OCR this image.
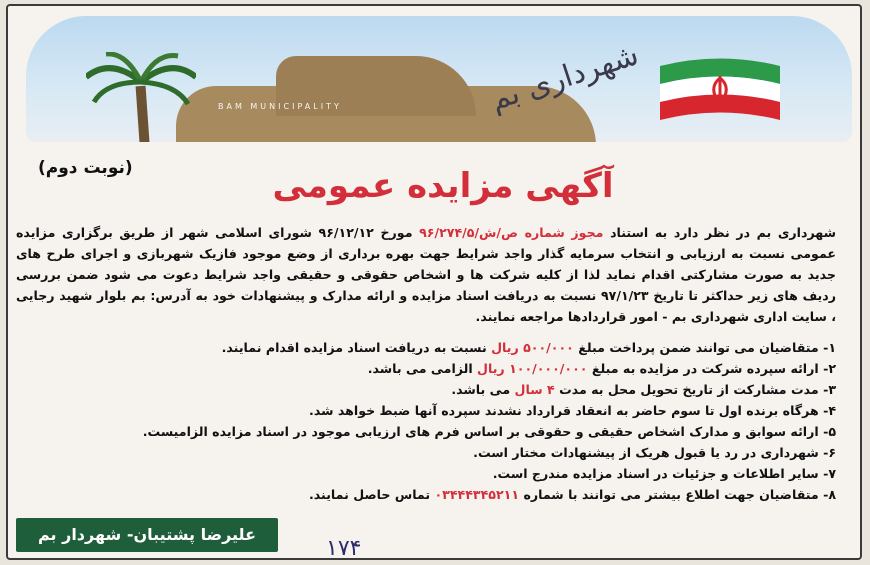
BAM MUNICIPALITY	شهرداری بم
(نوبت دوم)	آگهی مزایده عمومی
شهرداری بم در نظر دارد به استناد مجوز شماره ص/ش/۹۶/۲۷۴/۵ مورخ ۹۶/۱۲/۱۲ شورای اسلامی شهر از طریق برگزاری مزایده عمومی نسبت به ارزیابی و انتخاب سرمایه گذار واجد شرایط جهت بهره برداری از وضع موجود فازیک شهربازی و اجرای طرح های جدید به صورت مشارکتی اقدام نماید لذا از کلیه شرکت ها و اشخاص حقوقی و حقیقی واجد شرایط دعوت می شود ضمن بررسی ردیف های زیر حداکثر تا تاریخ ۹۷/۱/۲۳ نسبت به دریافت اسناد مزایده و ارائه مدارک و پیشنهادات خود به آدرس: بم بلوار شهید رجایی ، سایت اداری شهرداری بم - امور قراردادها مراجعه نمایند.
۱- متقاضیان می توانند ضمن پرداخت مبلغ ۵۰۰/۰۰۰ ریال نسبت به دریافت اسناد مزایده اقدام نمایند.
۲- ارائه سپرده شرکت در مزایده به مبلغ ۱۰۰/۰۰۰/۰۰۰ ریال الزامی می باشد.
۳- مدت مشارکت از تاریخ تحویل محل به مدت ۴ سال می باشد.
۴- هرگاه برنده اول تا سوم حاضر به انعقاد قرارداد نشدند سپرده آنها ضبط خواهد شد.
۵- ارائه سوابق و مدارک اشخاص حقیقی و حقوقی بر اساس فرم های ارزیابی موجود در اسناد مزایده الزامیست.
۶- شهرداری در رد یا قبول هریک از پیشنهادات مختار است.
۷- سایر اطلاعات و جزئیات در اسناد مزایده مندرج است.
۸- متقاضیان جهت اطلاع بیشتر می توانند با شماره ۰۳۴۴۴۳۴۵۲۱۱ تماس حاصل نمایند.
علیرضا پشتیبان- شهردار بم
۱۷۴
